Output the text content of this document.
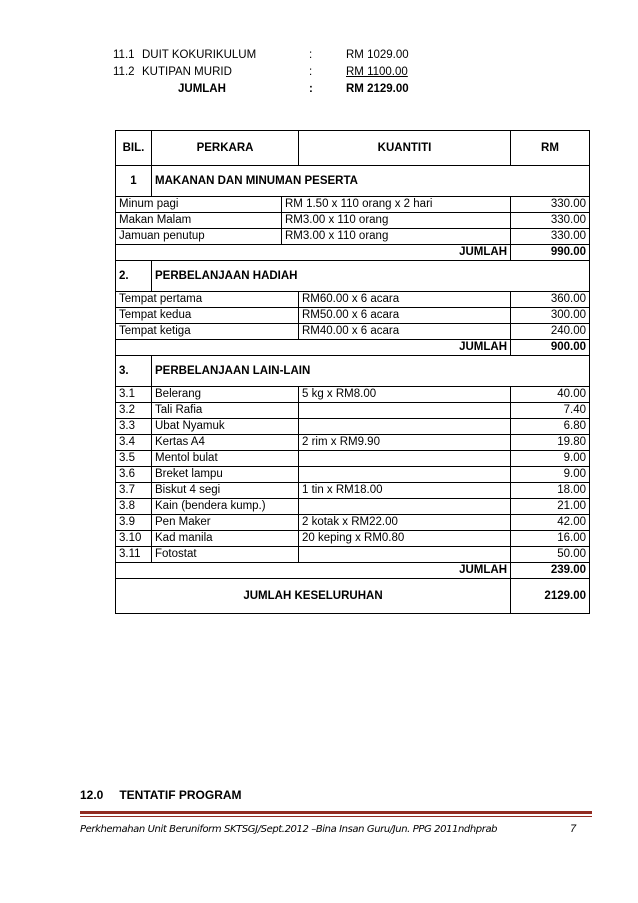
11.1 DUIT KOKURIKULUM	:	RM 1029.00
11.2 KUTIPAN MURID	:	RM 1100.00
JUMLAH	:	RM 2129.00
BIL.	PERKARA		KUANTITI	RM
1	MAKANAN DAN MINUMAN PESERTA			
Minum pagi		RM 1.50 x 110 orang x 2 hari		330.00
Makan Malam		RM3.00 x 110 orang		330.00
Jamuan penutup		RM3.00 x 110 orang		330.00
JUMLAH				990.00
2.	PERBELANJAAN HADIAH			
Tempat pertama			RM60.00 x 6 acara	360.00
Tempat kedua			RM50.00 x 6 acara	300.00
Tempat ketiga			RM40.00 x 6 acara	240.00
JUMLAH				900.00
3.	PERBELANJAAN LAIN-LAIN			
3.1	Belerang		5 kg x RM8.00	40.00
3.2	Tali Rafia			7.40
3.3	Ubat Nyamuk			6.80
3.4	Kertas A4		2 rim x RM9.90	19.80
3.5	Mentol bulat			9.00
3.6	Breket lampu			9.00
3.7	Biskut 4 segi		1 tin x RM18.00	18.00
3.8	Kain (bendera kump.)			21.00
3.9	Pen Maker		2 kotak x RM22.00	42.00
3.10	Kad manila		20 keping x RM0.80	16.00
3.11	Fotostat			50.00
JUMLAH				239.00
JUMLAH KESELURUHAN				2129.00
12.0 TENTATIF PROGRAM
Perkhemahan Unit Beruniform SKTSGJ/Sept.2012 –Bina Insan Guru/Jun. PPG 2011ndhprab	7
